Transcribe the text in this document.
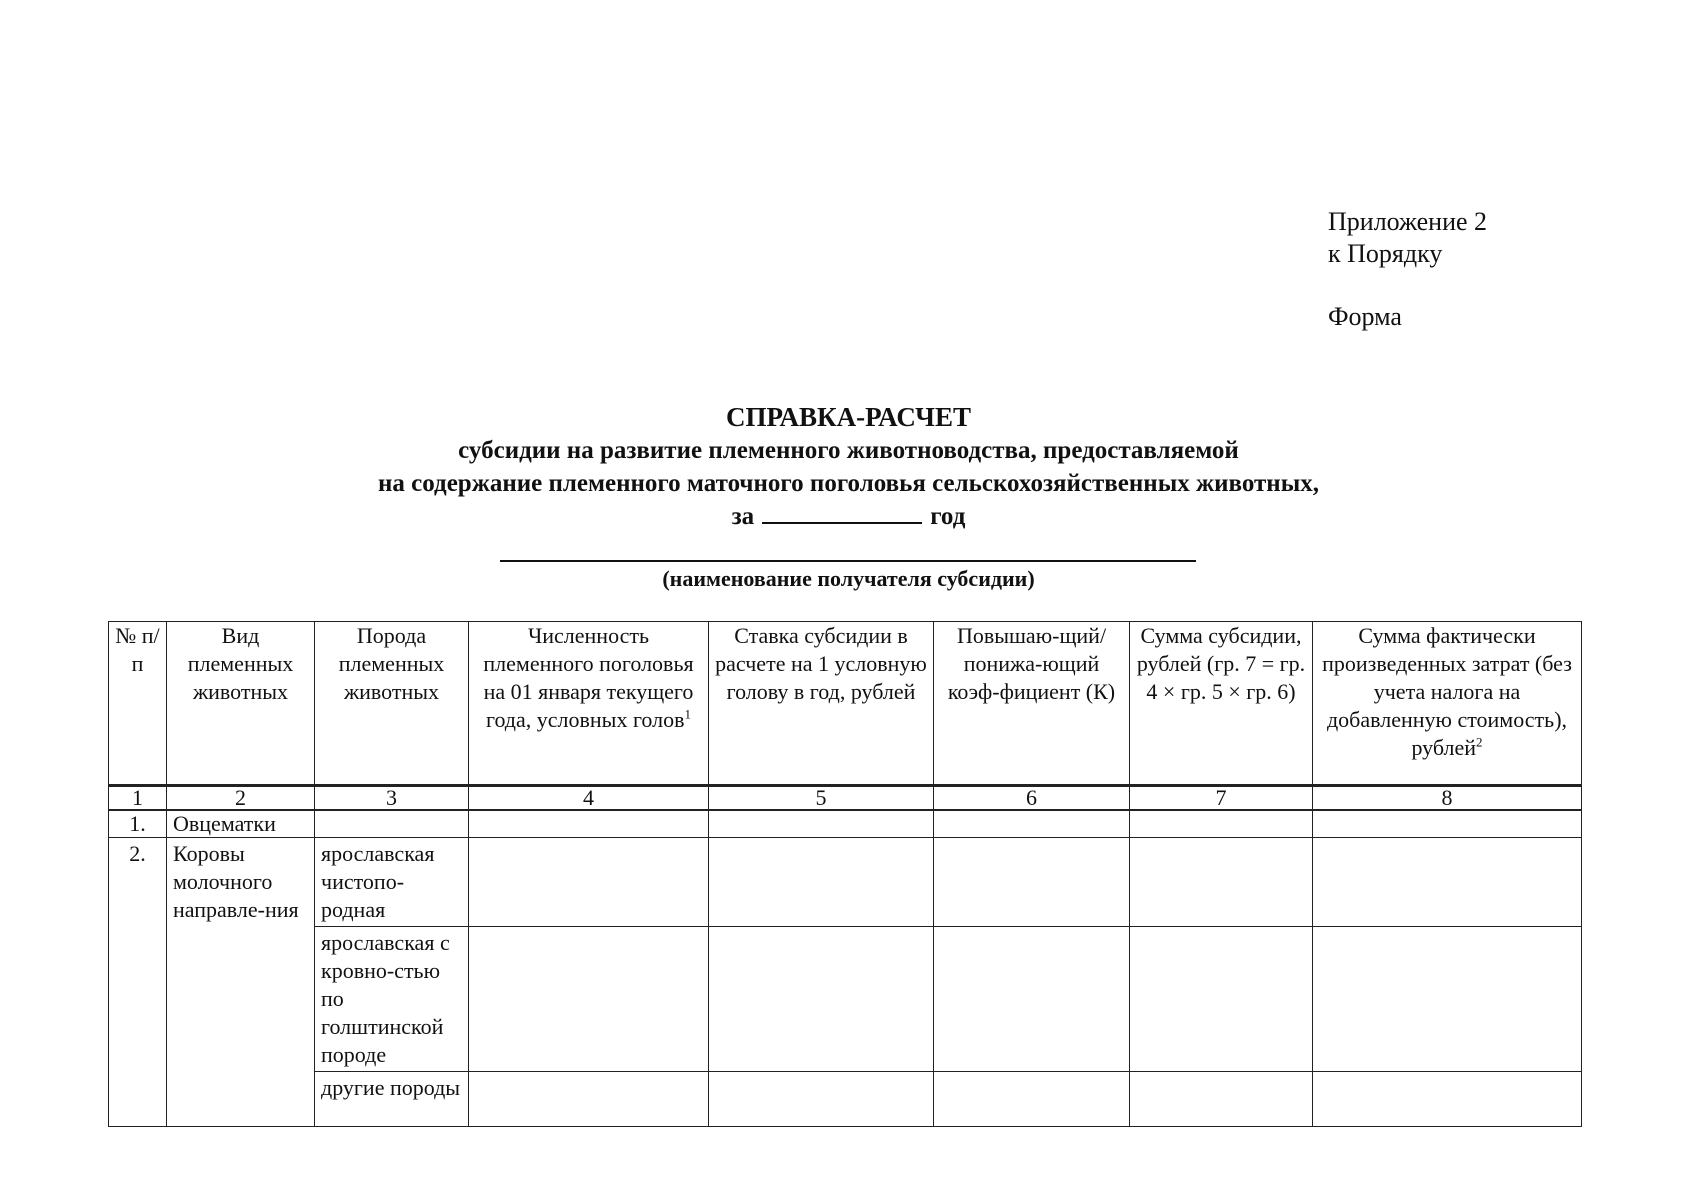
Приложение 2
к Порядку
Форма
СПРАВКА-РАСЧЕТ
субсидии на развитие племенного животноводства, предоставляемой
на содержание племенного маточного поголовья сельскохозяйственных животных,
за	год
(наименование получателя субсидии)
№ п/п	Вид племенных животных	Порода племенных животных	Численность племенного поголовья на 01 января текущего года, условных голов$^1$	Ставка субсидии в расчете на 1 условную голову в год, рублей	Повышаю-щий/понижа-ющий коэф-фициент (К)	Сумма субсидии, рублей (гр. 7 = гр. 4 × гр. 5 × гр. 6)	Сумма фактически произведенных затрат (без учета налога на добавленную стоимость), рублей$^2$
1	2	3	4	5	6	7	8
1.	Овцематки						
2.	Коровы молочного направле-ния	ярославская чистопо-родная					
		ярославская с кровно-стью по голштинской породе					
		другие породы					
